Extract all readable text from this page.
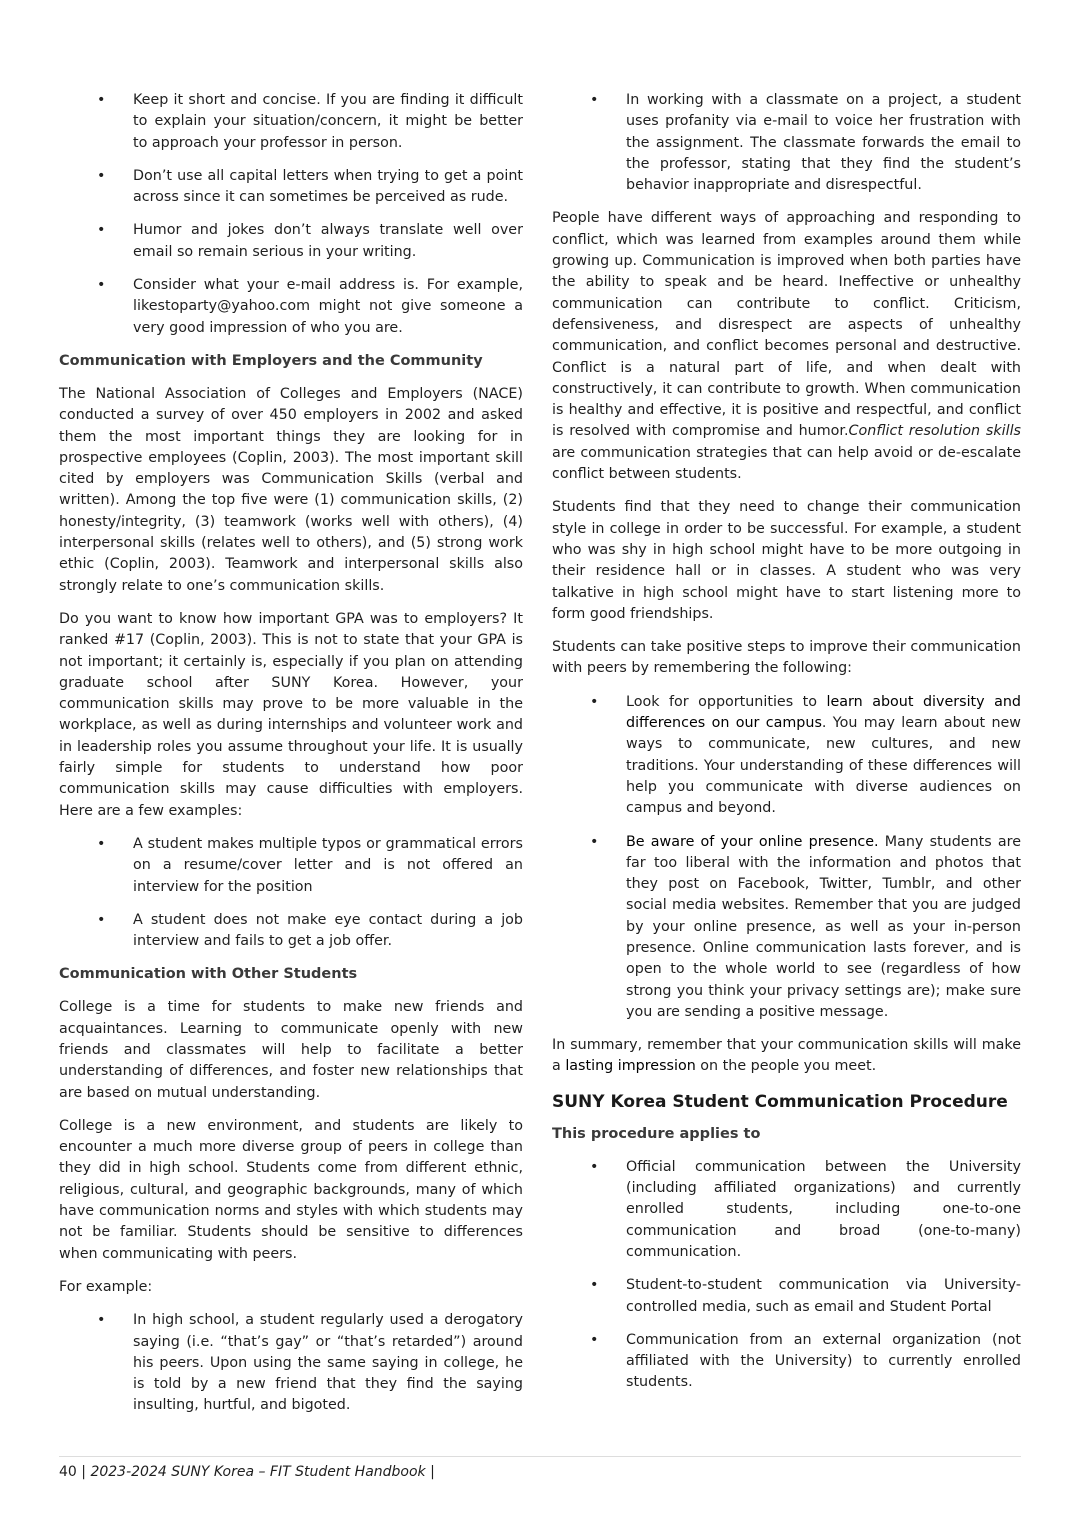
• Keep it short and concise. If you are finding it difficult to explain your situation/concern, it might be better to approach your professor in person.
• Don’t use all capital letters when trying to get a point across since it can sometimes be perceived as rude.
• Humor and jokes don’t always translate well over email so remain serious in your writing.
• Consider what your e-mail address is. For example, likestoparty@yahoo.com might not give someone a very good impression of who you are.
Communication with Employers and the Community

The National Association of Colleges and Employers (NACE) conducted a survey of over 450 employers in 2002 and asked them the most important things they are looking for in prospective employees (Coplin, 2003). The most important skill cited by employers was Communication Skills (verbal and written). Among the top five were (1) communication skills, (2) honesty/integrity, (3) teamwork (works well with others), (4) interpersonal skills (relates well to others), and (5) strong work ethic (Coplin, 2003). Teamwork and interpersonal skills also strongly relate to one’s communication skills.

Do you want to know how important GPA was to employers? It ranked #17 (Coplin, 2003). This is not to state that your GPA is not important; it certainly is, especially if you plan on attending graduate school after SUNY Korea. However, your communication skills may prove to be more valuable in the workplace, as well as during internships and volunteer work and in leadership roles you assume throughout your life. It is usually fairly simple for students to understand how poor communication skills may cause difficulties with employers. Here are a few examples:

• A student makes multiple typos or grammatical errors on a resume/cover letter and is not offered an interview for the position
• A student does not make eye contact during a job interview and fails to get a job offer.
Communication with Other Students

College is a time for students to make new friends and acquaintances. Learning to communicate openly with new friends and classmates will help to facilitate a better understanding of differences, and foster new relationships that are based on mutual understanding.

College is a new environment, and students are likely to encounter a much more diverse group of peers in college than they did in high school. Students come from different ethnic, religious, cultural, and geographic backgrounds, many of which have communication norms and styles with which students may not be familiar. Students should be sensitive to differences when communicating with peers.

For example:

• In high school, a student regularly used a derogatory saying (i.e. “that’s gay” or “that’s retarded”) around his peers. Upon using the same saying in college, he is told by a new friend that they find the saying insulting, hurtful, and bigoted.
• In working with a classmate on a project, a student uses profanity via e-mail to voice her frustration with the assignment. The classmate forwards the email to the professor, stating that they find the student’s behavior inappropriate and disrespectful.

People have different ways of approaching and responding to conflict, which was learned from examples around them while growing up. Communication is improved when both parties have the ability to speak and be heard. Ineffective or unhealthy communication can contribute to conflict. Criticism, defensiveness, and disrespect are aspects of unhealthy communication, and conflict becomes personal and destructive. Conflict is a natural part of life, and when dealt with constructively, it can contribute to growth. When communication is healthy and effective, it is positive and respectful, and conflict is resolved with compromise and humor.Conflict resolution skills are communication strategies that can help avoid or de-escalate conflict between students.

Students find that they need to change their communication style in college in order to be successful. For example, a student who was shy in high school might have to be more outgoing in their residence hall or in classes. A student who was very talkative in high school might have to start listening more to form good friendships.

Students can take positive steps to improve their communication with peers by remembering the following:

• Look for opportunities to learn about diversity and differences on our campus. You may learn about new ways to communicate, new cultures, and new traditions. Your understanding of these differences will help you communicate with diverse audiences on campus and beyond.
• Be aware of your online presence. Many students are far too liberal with the information and photos that they post on Facebook, Twitter, Tumblr, and other social media websites. Remember that you are judged by your online presence, as well as your in-person presence. Online communication lasts forever, and is open to the whole world to see (regardless of how strong you think your privacy settings are); make sure you are sending a positive message.

In summary, remember that your communication skills will make a lasting impression on the people you meet.

SUNY Korea Student Communication Procedure
This procedure applies to
• Official communication between the University (including affiliated organizations) and currently enrolled students, including one-to-one communication and broad (one-to-many) communication.
• Student-to-student communication via University-controlled media, such as email and Student Portal
• Communication from an external organization (not affiliated with the University) to currently enrolled students.
40 | 2023-2024 SUNY Korea – FIT Student Handbook |
